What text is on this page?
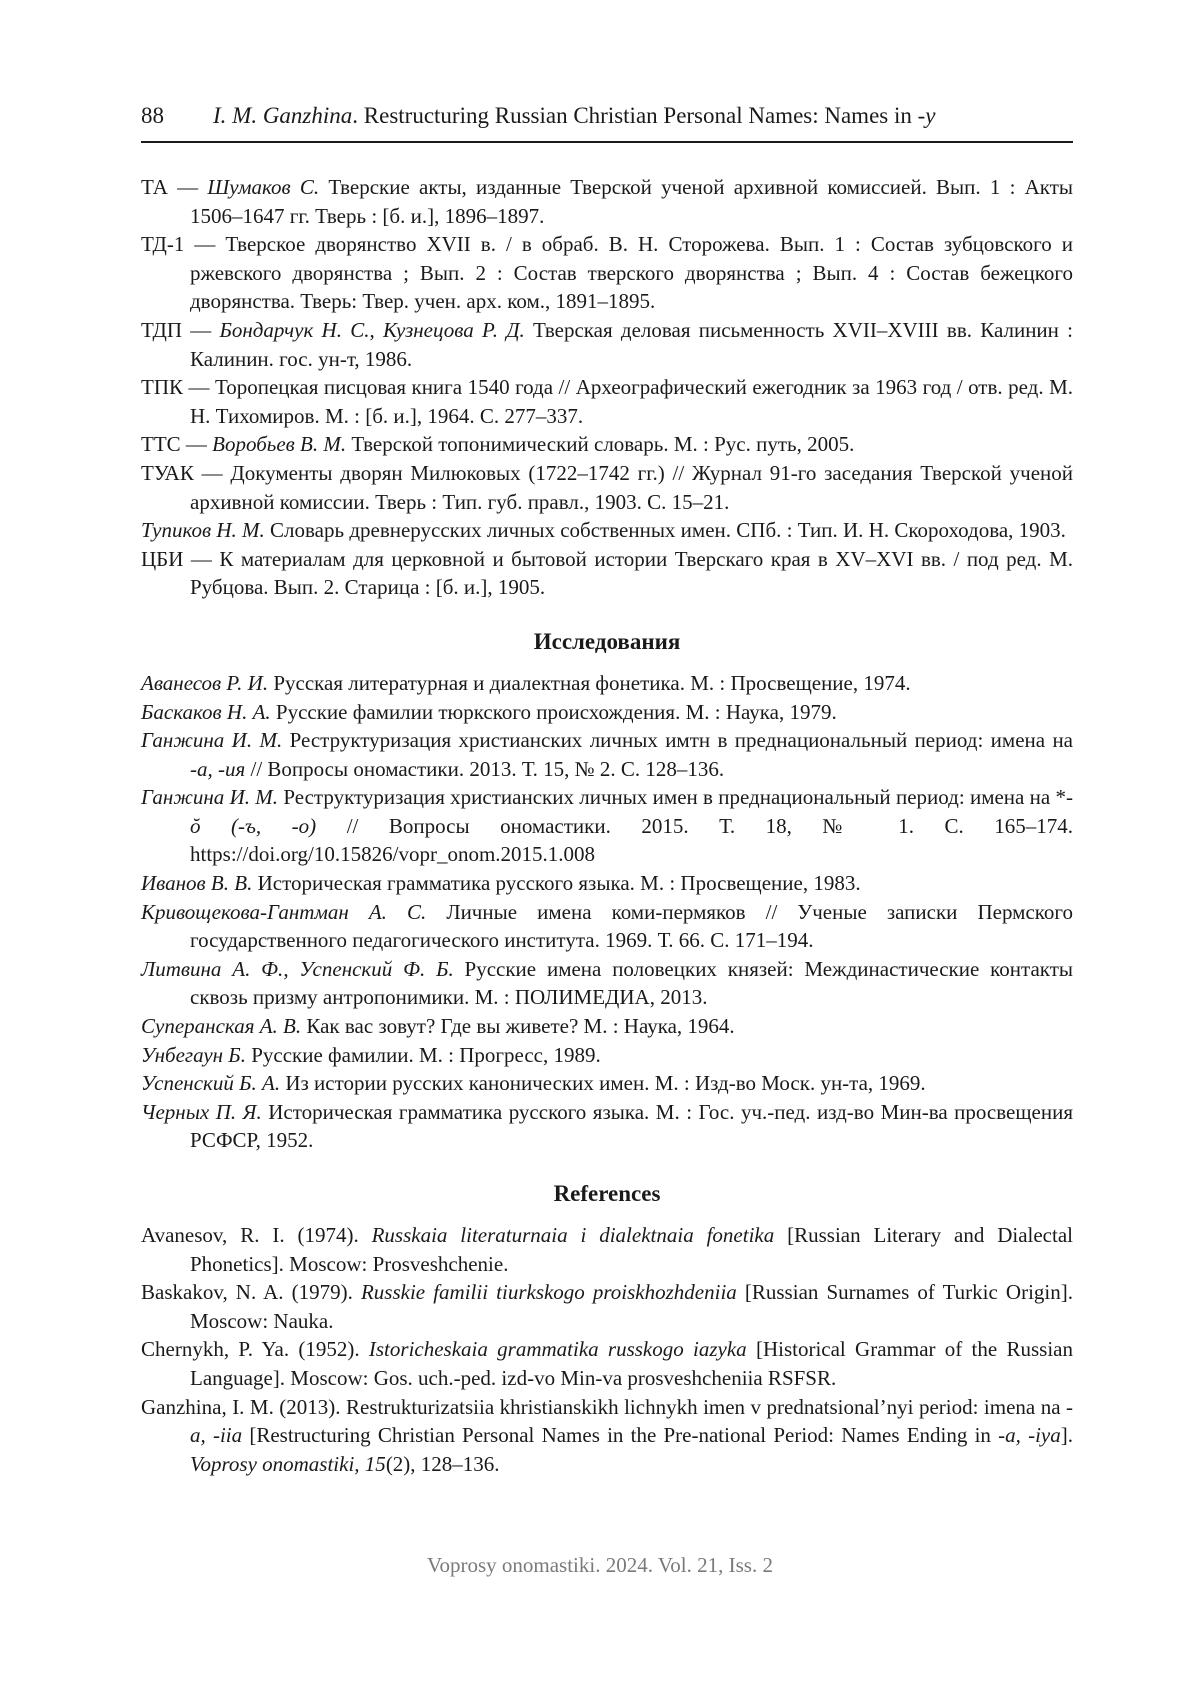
88 I. M. Ganzhina. Restructuring Russian Christian Personal Names: Names in -y

ТА — Шумаков С. Тверские акты, изданные Тверской ученой архивной комиссией. Вып. 1 : Акты 1506–1647 гг. Тверь : [б. и.], 1896–1897.

ТД-1 — Тверское дворянство XVII в. / в обраб. В. Н. Сторожева. Вып. 1 : Состав зубцовского и ржевского дворянства ; Вып. 2 : Состав тверского дворянства ; Вып. 4 : Состав бежецкого дворянства. Тверь: Твер. учен. арх. ком., 1891–1895.

ТДП — Бондарчук Н. С., Кузнецова Р. Д. Тверская деловая письменность XVII–XVIII вв. Калинин : Калинин. гос. ун-т, 1986.

ТПК — Торопецкая писцовая книга 1540 года // Археографический ежегодник за 1963 год / отв. ред. М. Н. Тихомиров. М. : [б. и.], 1964. С. 277–337.

ТТС — Воробьев В. М. Тверской топонимический словарь. М. : Рус. путь, 2005.

ТУАК — Документы дворян Милюковых (1722–1742 гг.) // Журнал 91-го заседания Тверской ученой архивной комиссии. Тверь : Тип. губ. правл., 1903. С. 15–21.

Тупиков Н. М. Словарь древнерусских личных собственных имен. СПб. : Тип. И. Н. Скороходова, 1903.

ЦБИ — К материалам для церковной и бытовой истории Тверскаго края в XV–XVI вв. / под ред. М. Рубцова. Вып. 2. Старица : [б. и.], 1905.

Исследования

Аванесов Р. И. Русская литературная и диалектная фонетика. М. : Просвещение, 1974.

Баскаков Н. А. Русские фамилии тюркского происхождения. М. : Наука, 1979.

Ганжина И. М. Реструктуризация христианских личных имтн в преднациональный период: имена на -а, -ия // Вопросы ономастики. 2013. Т. 15, № 2. С. 128–136.

Ганжина И. М. Реструктуризация христианских личных имен в преднациональный период: имена на *-ŏ (-ъ, -о) // Вопросы ономастики. 2015. Т. 18, № 1. С. 165–174. https://doi.org/10.15826/vopr_onom.2015.1.008

Иванов В. В. Историческая грамматика русского языка. М. : Просвещение, 1983.

Кривощекова-Гантман А. С. Личные имена коми-пермяков // Ученые записки Пермского государственного педагогического института. 1969. Т. 66. С. 171–194.

Литвина А. Ф., Успенский Ф. Б. Русские имена половецких князей: Междинастические контакты сквозь призму антропонимики. М. : ПОЛИМЕДИА, 2013.

Суперанская А. В. Как вас зовут? Где вы живете? М. : Наука, 1964.

Унбегаун Б. Русские фамилии. М. : Прогресс, 1989.

Успенский Б. А. Из истории русских канонических имен. М. : Изд-во Моск. ун-та, 1969.

Черных П. Я. Историческая грамматика русского языка. М. : Гос. уч.-пед. изд-во Мин-ва просвещения РСФСР, 1952.

References

Avanesov, R. I. (1974). Russkaia literaturnaia i dialektnaia fonetika [Russian Literary and Dialectal Phonetics]. Moscow: Prosveshchenie.

Baskakov, N. A. (1979). Russkie familii tiurkskogo proiskhozhdeniia [Russian Surnames of Turkic Origin]. Moscow: Nauka.

Chernykh, P. Ya. (1952). Istoricheskaia grammatika russkogo iazyka [Historical Grammar of the Russian Language]. Moscow: Gos. uch.-ped. izd-vo Min-va prosveshcheniia RSFSR.

Ganzhina, I. M. (2013). Restrukturizatsiia khristianskikh lichnykh imen v prednatsional’nyi period: imena na -a, -iia [Restructuring Christian Personal Names in the Pre-national Period: Names Ending in -a, -iya]. Voprosy onomastiki, 15(2), 128–136.

Voprosy onomastiki. 2024. Vol. 21, Iss. 2
